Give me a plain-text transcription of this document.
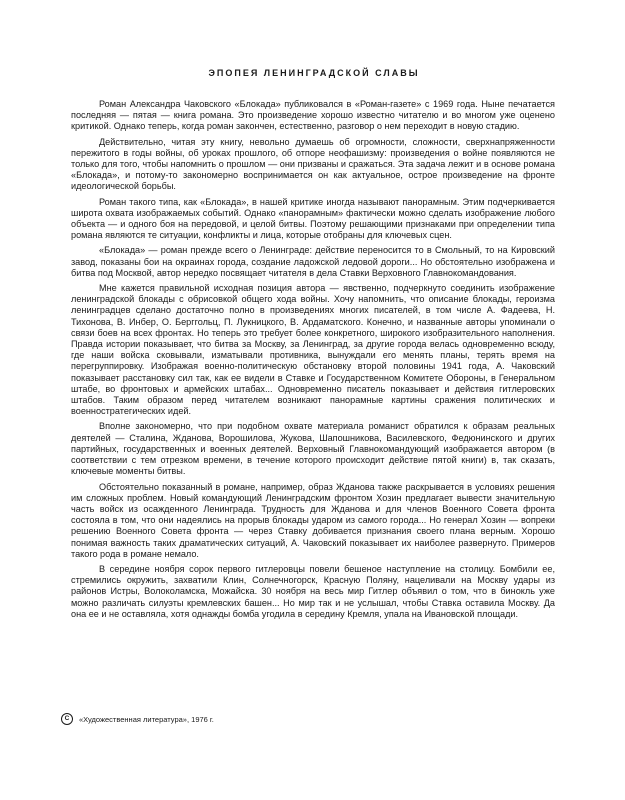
ЭПОПЕЯ ЛЕНИНГРАДСКОЙ СЛАВЫ

Роман Александра Чаковского «Блокада» публиковался в «Роман-газете» с 1969 года. Ныне печатается последняя — пятая — книга романа. Это произведение хорошо известно читателю и во многом уже оценено критикой. Однако теперь, когда роман закончен, естественно, разговор о нем переходит в новую стадию.

Действительно, читая эту книгу, невольно думаешь об огромности, сложности, сверхнапряженности пережитого в годы войны, об уроках прошлого, об отпоре неофашизму: произведения о войне появляются не только для того, чтобы напомнить о прошлом — они призваны и сражаться. Эта задача лежит и в основе романа «Блокада», и потому-то закономерно воспринимается он как актуальное, острое произведение на фронте идеологической борьбы.

Роман такого типа, как «Блокада», в нашей критике иногда называют панорамным. Этим подчеркивается широта охвата изображаемых событий. Однако «панорамным» фактически можно сделать изображение любого объекта — и одного боя на передовой, и целой битвы. Поэтому решающими признаками при определении типа романа являются те ситуации, конфликты и лица, которые отобраны для ключевых сцен.

«Блокада» — роман прежде всего о Ленинграде: действие переносится то в Смольный, то на Кировский завод, показаны бои на окраинах города, создание ладожской ледовой дороги... Но обстоятельно изображена и битва под Москвой, автор нередко посвящает читателя в дела Ставки Верховного Главнокомандования.

Мне кажется правильной исходная позиция автора — явственно, подчеркнуто соединить изображение ленинградской блокады с обрисовкой общего хода войны. Хочу напомнить, что описание блокады, героизма ленинградцев сделано достаточно полно в произведениях многих писателей, в том числе А. Фадеева, Н. Тихонова, В. Инбер, О. Берггольц, П. Лукницкого, В. Ардаматского. Конечно, и названные авторы упоминали о связи боев на всех фронтах. Но теперь это требует более конкретного, широкого изобразительного наполнения. Правда истории показывает, что битва за Москву, за Ленинград, за другие города велась одновременно всюду, где наши войска сковывали, изматывали противника, вынуждали его менять планы, терять время на перегруппировку. Изображая военно-политическую обстановку второй половины 1941 года, А. Чаковский показывает расстановку сил так, как ее видели в Ставке и Государственном Комитете Обороны, в Генеральном штабе, во фронтовых и армейских штабах... Одновременно писатель показывает и действия гитлеровских штабов. Таким образом перед читателем возникают панорамные картины сражения политических и военностратегических идей.

Вполне закономерно, что при подобном охвате материала романист обратился к образам реальных деятелей — Сталина, Жданова, Ворошилова, Жукова, Шапошникова, Василевского, Федюнинского и других партийных, государственных и военных деятелей. Верховный Главнокомандующий изображается автором (в соответствии с тем отрезком времени, в течение которого происходит действие пятой книги) в, так сказать, ключевые моменты битвы.

Обстоятельно показанный в романе, например, образ Жданова также раскрывается в условиях решения им сложных проблем. Новый командующий Ленинградским фронтом Хозин предлагает вывести значительную часть войск из осажденного Ленинграда. Трудность для Жданова и для членов Военного Совета фронта состояла в том, что они надеялись на прорыв блокады ударом из самого города... Но генерал Хозин — вопреки решению Военного Совета фронта — через Ставку добивается признания своего плана верным. Хорошо понимая важность таких драматических ситуаций, А. Чаковский показывает их наиболее развернуто. Примеров такого рода в романе немало.

В середине ноября сорок первого гитлеровцы повели бешеное наступление на столицу. Бомбили ее, стремились окружить, захватили Клин, Солнечногорск, Красную Поляну, нацеливали на Москву удары из районов Истры, Волоколамска, Можайска. 30 ноября на весь мир Гитлер объявил о том, что в бинокль уже можно различать силуэты кремлевских башен... Но мир так и не услышал, чтобы Ставка оставила Москву. Да она ее и не оставляла, хотя однажды бомба угодила в середину Кремля, упала на Ивановской площади.

С	«Художественная литература», 1976 г.
